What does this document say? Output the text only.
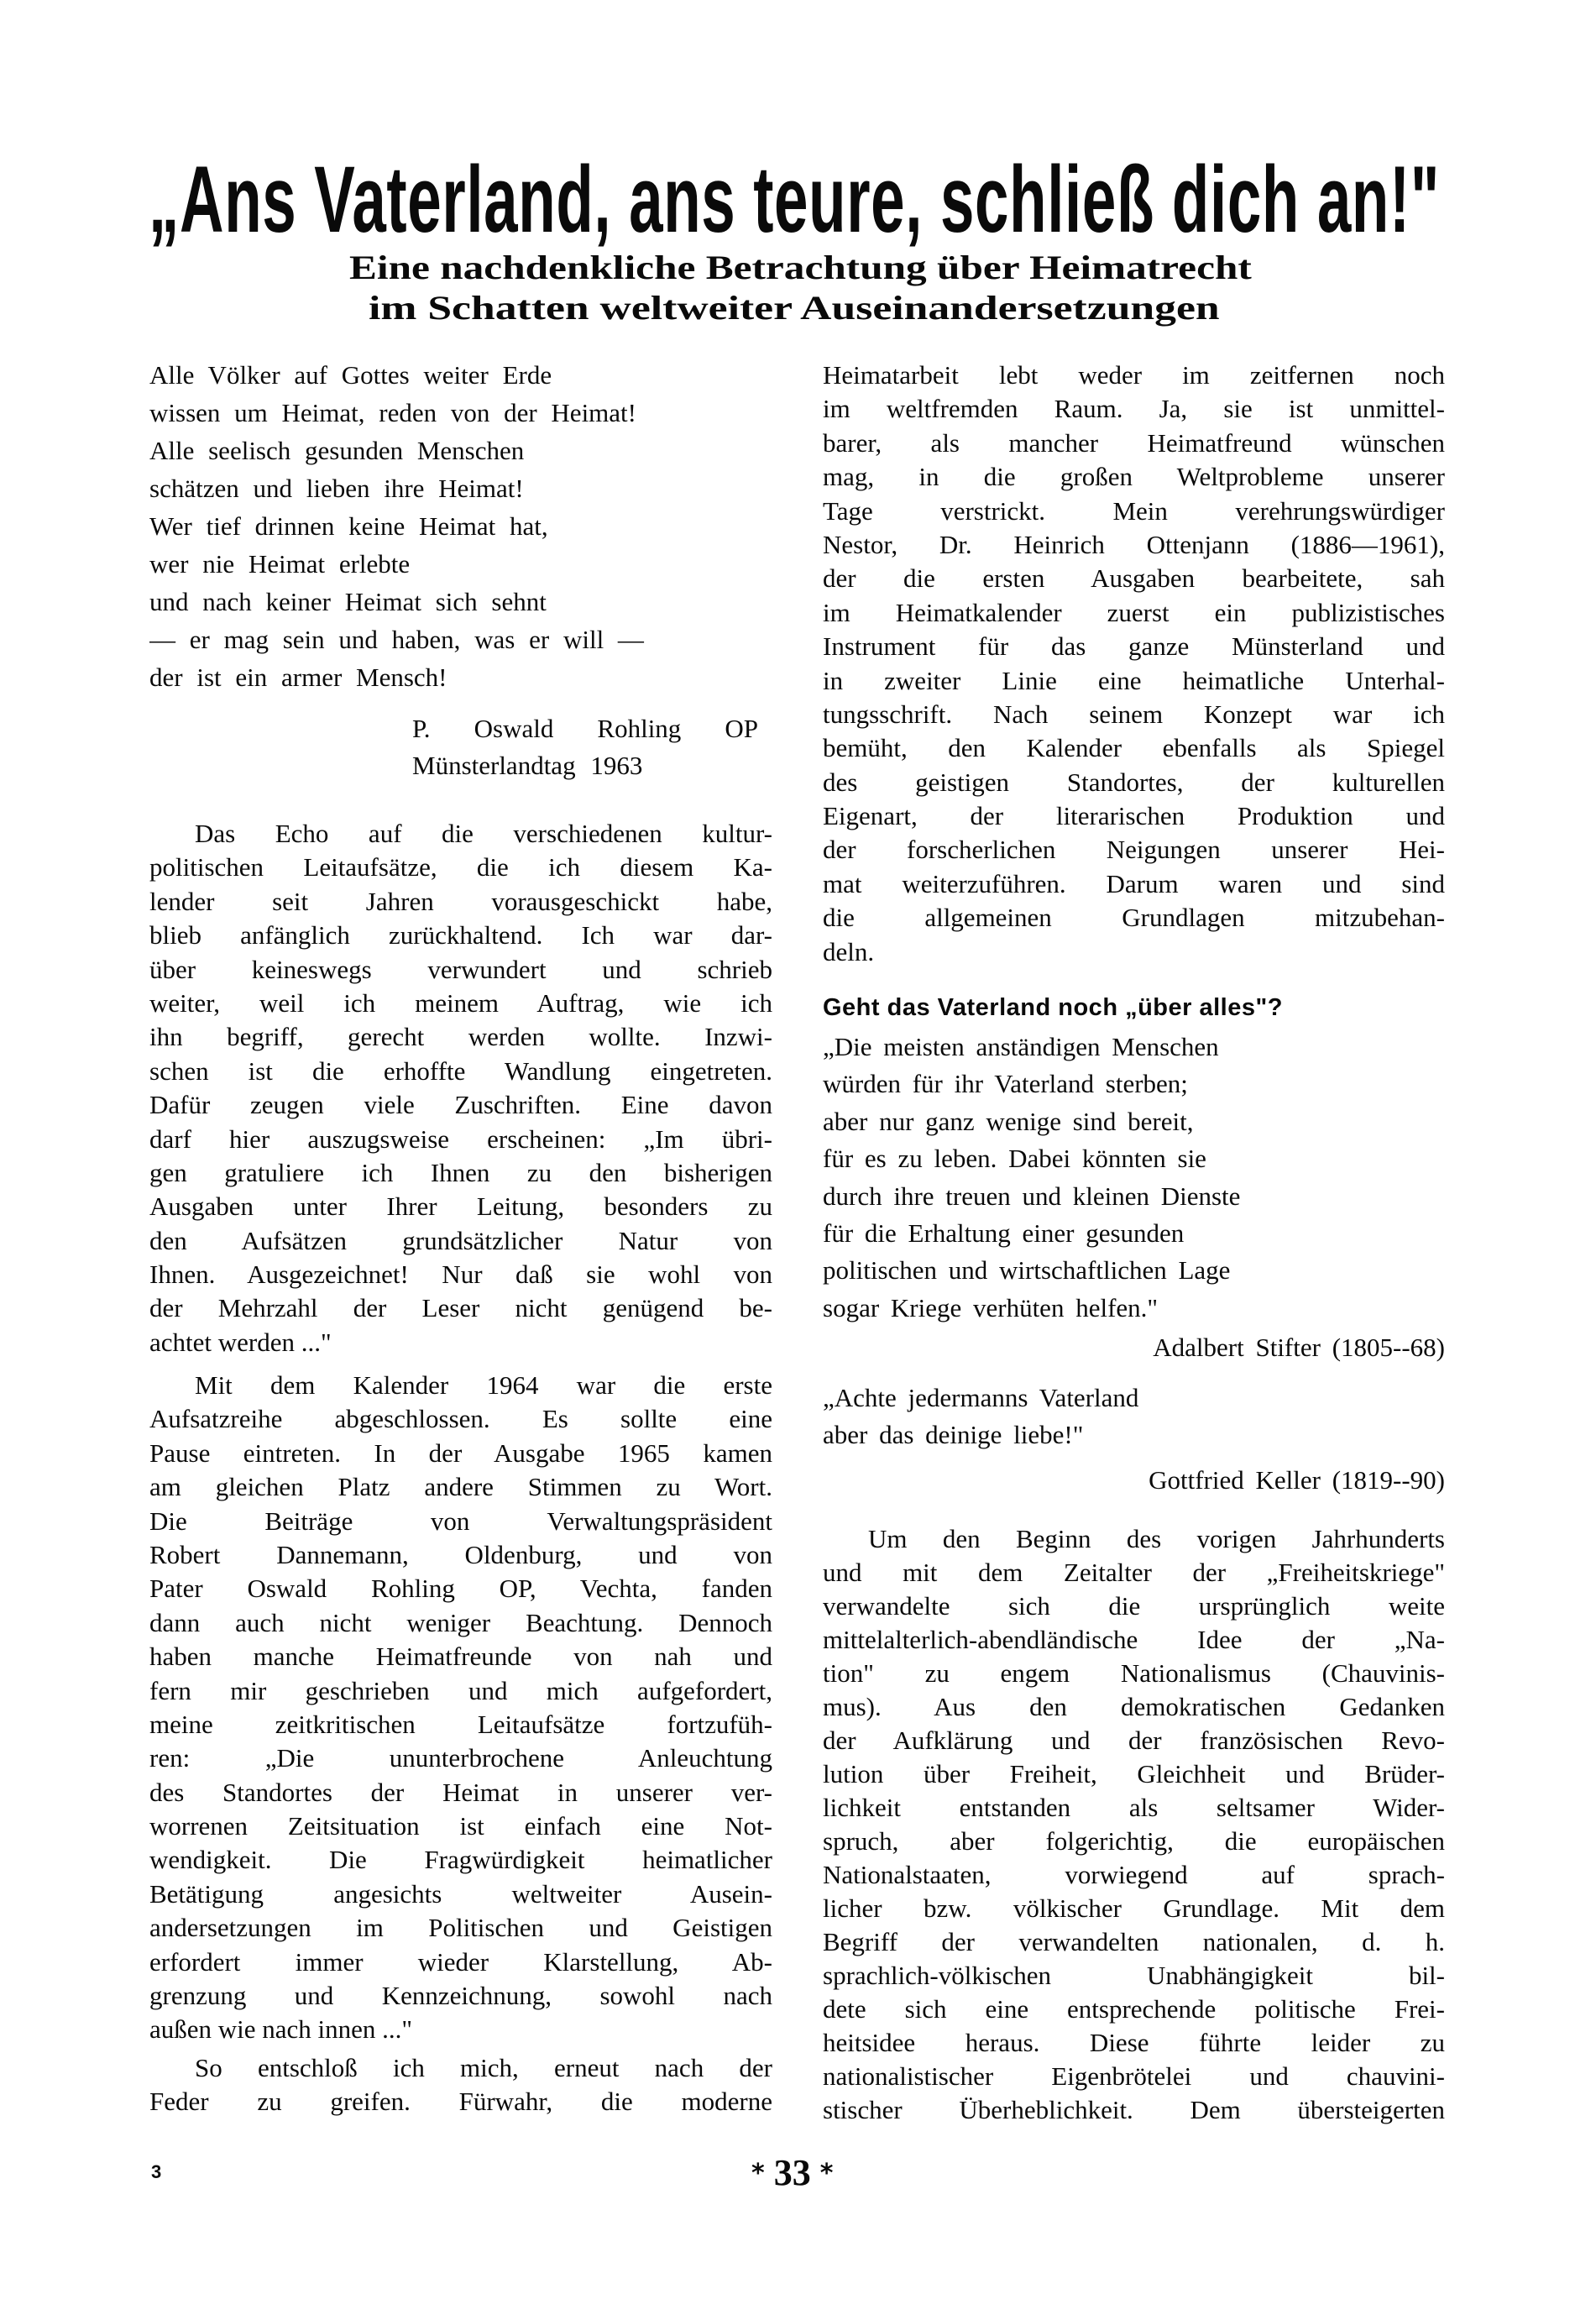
„Ans Vaterland, ans teure, schließ dich an!"
Eine nachdenkliche Betrachtung über Heimatrecht
im Schatten weltweiter Auseinandersetzungen
Alle Völker auf Gottes weiter Erde
wissen um Heimat, reden von der Heimat!
Alle seelisch gesunden Menschen
schätzen und lieben ihre Heimat!
Wer tief drinnen keine Heimat hat,
wer nie Heimat erlebte
und nach keiner Heimat sich sehnt
— er mag sein und haben, was er will —
der ist ein armer Mensch!
P. Oswald Rohling OP
Münsterlandtag 1963
Das Echo auf die verschiedenen kultur-
politischen Leitaufsätze, die ich diesem Ka-
lender seit Jahren vorausgeschickt habe,
blieb anfänglich zurückhaltend. Ich war dar-
über keineswegs verwundert und schrieb
weiter, weil ich meinem Auftrag, wie ich
ihn begriff, gerecht werden wollte. Inzwi-
schen ist die erhoffte Wandlung eingetreten.
Dafür zeugen viele Zuschriften. Eine davon
darf hier auszugsweise erscheinen: „Im übri-
gen gratuliere ich Ihnen zu den bisherigen
Ausgaben unter Ihrer Leitung, besonders zu
den Aufsätzen grundsätzlicher Natur von
Ihnen. Ausgezeichnet! Nur daß sie wohl von
der Mehrzahl der Leser nicht genügend be-
achtet werden ..."
Mit dem Kalender 1964 war die erste
Aufsatzreihe abgeschlossen. Es sollte eine
Pause eintreten. In der Ausgabe 1965 kamen
am gleichen Platz andere Stimmen zu Wort.
Die Beiträge von Verwaltungspräsident
Robert Dannemann, Oldenburg, und von
Pater Oswald Rohling OP, Vechta, fanden
dann auch nicht weniger Beachtung. Dennoch
haben manche Heimatfreunde von nah und
fern mir geschrieben und mich aufgefordert,
meine zeitkritischen Leitaufsätze fortzufüh-
ren: „Die ununterbrochene Anleuchtung
des Standortes der Heimat in unserer ver-
worrenen Zeitsituation ist einfach eine Not-
wendigkeit. Die Fragwürdigkeit heimatlicher
Betätigung angesichts weltweiter Ausein-
andersetzungen im Politischen und Geistigen
erfordert immer wieder Klarstellung, Ab-
grenzung und Kennzeichnung, sowohl nach
außen wie nach innen ..."
So entschloß ich mich, erneut nach der
Feder zu greifen. Fürwahr, die moderne
Heimatarbeit lebt weder im zeitfernen noch
im weltfremden Raum. Ja, sie ist unmittel-
barer, als mancher Heimatfreund wünschen
mag, in die großen Weltprobleme unserer
Tage verstrickt. Mein verehrungswürdiger
Nestor, Dr. Heinrich Ottenjann (1886—1961),
der die ersten Ausgaben bearbeitete, sah
im Heimatkalender zuerst ein publizistisches
Instrument für das ganze Münsterland und
in zweiter Linie eine heimatliche Unterhal-
tungsschrift. Nach seinem Konzept war ich
bemüht, den Kalender ebenfalls als Spiegel
des geistigen Standortes, der kulturellen
Eigenart, der literarischen Produktion und
der forscherlichen Neigungen unserer Hei-
mat weiterzuführen. Darum waren und sind
die allgemeinen Grundlagen mitzubehan-
deln.
Geht das Vaterland noch „über alles"?
„Die meisten anständigen Menschen
würden für ihr Vaterland sterben;
aber nur ganz wenige sind bereit,
für es zu leben. Dabei könnten sie
durch ihre treuen und kleinen Dienste
für die Erhaltung einer gesunden
politischen und wirtschaftlichen Lage
sogar Kriege verhüten helfen."
Adalbert Stifter (1805--68)
„Achte jedermanns Vaterland
aber das deinige liebe!"
Gottfried Keller (1819--90)
Um den Beginn des vorigen Jahrhunderts
und mit dem Zeitalter der „Freiheitskriege"
verwandelte sich die ursprünglich weite
mittelalterlich-abendländische Idee der „Na-
tion" zu engem Nationalismus (Chauvinis-
mus). Aus den demokratischen Gedanken
der Aufklärung und der französischen Revo-
lution über Freiheit, Gleichheit und Brüder-
lichkeit entstanden als seltsamer Wider-
spruch, aber folgerichtig, die europäischen
Nationalstaaten, vorwiegend auf sprach-
licher bzw. völkischer Grundlage. Mit dem
Begriff der verwandelten nationalen, d. h.
sprachlich-völkischen Unabhängigkeit bil-
dete sich eine entsprechende politische Frei-
heitsidee heraus. Diese führte leider zu
nationalistischer Eigenbrötelei und chauvini-
stischer Überheblichkeit. Dem übersteigerten
3	* 33 *
